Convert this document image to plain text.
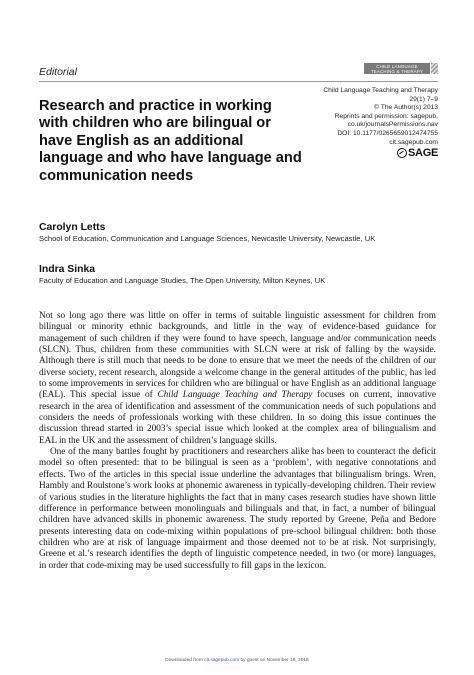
Editorial	CHILD LANGUAGE TEACHING & THERAPY
Child Language Teaching and Therapy
29(1) 7–9
© The Author(s) 2013
Reprints and permission: sagepub.
co.uk/journalsPermissions.nav
DOI: 10.1177/0265659012474755
clt.sagepub.com
SAGE
Research and practice in working with children who are bilingual or have English as an additional language and who have language and communication needs
Carolyn Letts
School of Education, Communication and Language Sciences, Newcastle University, Newcastle, UK
Indra Sinka
Faculty of Education and Language Studies, The Open University, Milton Keynes, UK

Not so long ago there was little on offer in terms of suitable linguistic assessment for children from bilingual or minority ethnic backgrounds, and little in the way of evidence-based guidance for management of such children if they were found to have speech, language and/or communication needs (SLCN). Thus, children from these communities with SLCN were at risk of falling by the wayside. Although there is still much that needs to be done to ensure that we meet the needs of the children of our diverse society, recent research, alongside a welcome change in the general attitudes of the public, has led to some improvements in services for children who are bilingual or have English as an additional language (EAL). This special issue of Child Language Teaching and Therapy focuses on current, innovative research in the area of identification and assessment of the communication needs of such populations and considers the needs of professionals working with these children. In so doing this issue continues the discussion thread started in 2003’s special issue which looked at the complex area of bilingualism and EAL in the UK and the assessment of children’s language skills.

One of the many battles fought by practitioners and researchers alike has been to counteract the deficit model so often presented: that to be bilingual is seen as a ‘problem’, with negative connotations and effects. Two of the articles in this special issue underline the advantages that bilingualism brings. Wren, Hambly and Roulstone’s work looks at phonemic awareness in typically-developing children. Their review of various studies in the literature highlights the fact that in many cases research studies have shown little difference in performance between monolinguals and bilinguals and that, in fact, a number of bilingual children have advanced skills in phonemic awareness. The study reported by Greene, Peña and Bedore presents interesting data on code-mixing within populations of pre-school bilingual children: both those children who are at risk of language impairment and those deemed not to be at risk. Not surprisingly, Greene et al.’s research identifies the depth of linguistic competence needed, in two (or more) languages, in order that code-mixing may be used successfully to fill gaps in the lexicon.

Downloaded from clt.sagepub.com by guest on November 16, 2016
